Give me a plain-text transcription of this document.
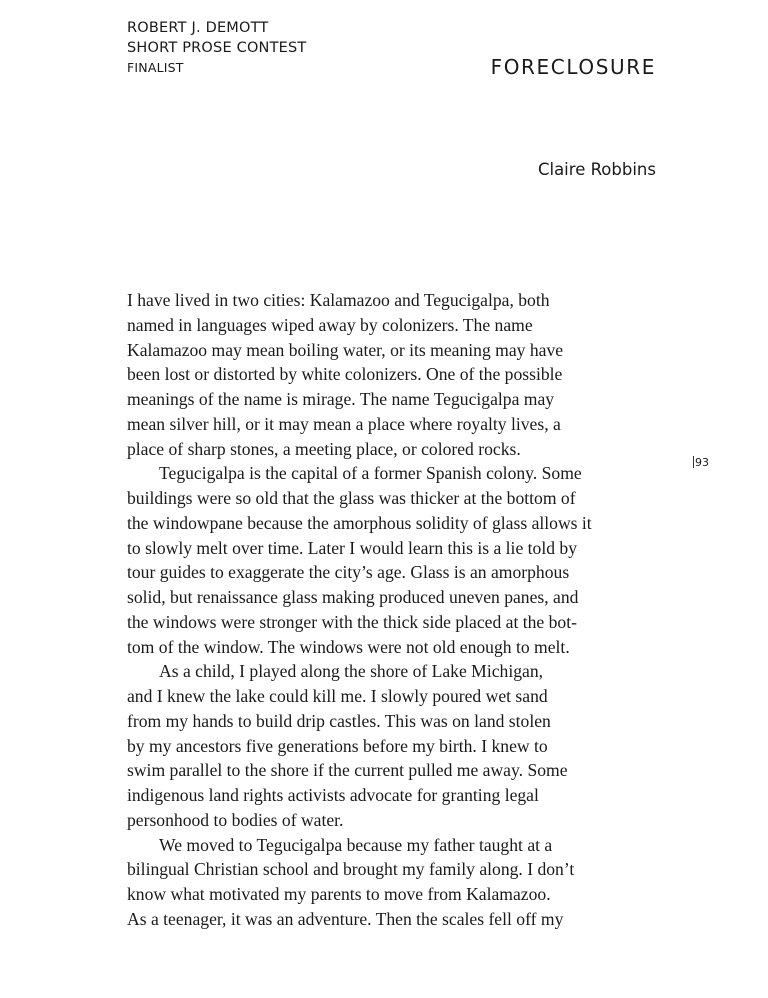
ROBERT J. DEMOTT
SHORT PROSE CONTEST
FINALIST	FORECLOSURE
Claire Robbins
93
I have lived in two cities: Kalamazoo and Tegucigalpa, both
named in languages wiped away by colonizers. The name
Kalamazoo may mean boiling water, or its meaning may have
been lost or distorted by white colonizers. One of the possible
meanings of the name is mirage. The name Tegucigalpa may
mean silver hill, or it may mean a place where royalty lives, a
place of sharp stones, a meeting place, or colored rocks.
Tegucigalpa is the capital of a former Spanish colony. Some
buildings were so old that the glass was thicker at the bottom of
the windowpane because the amorphous solidity of glass allows it
to slowly melt over time. Later I would learn this is a lie told by
tour guides to exaggerate the city’s age. Glass is an amorphous
solid, but renaissance glass making produced uneven panes, and
the windows were stronger with the thick side placed at the bot-
tom of the window. The windows were not old enough to melt.
As a child, I played along the shore of Lake Michigan,
and I knew the lake could kill me. I slowly poured wet sand
from my hands to build drip castles. This was on land stolen
by my ancestors five generations before my birth. I knew to
swim parallel to the shore if the current pulled me away. Some
indigenous land rights activists advocate for granting legal
personhood to bodies of water.
We moved to Tegucigalpa because my father taught at a
bilingual Christian school and brought my family along. I don’t
know what motivated my parents to move from Kalamazoo.
As a teenager, it was an adventure. Then the scales fell off my
